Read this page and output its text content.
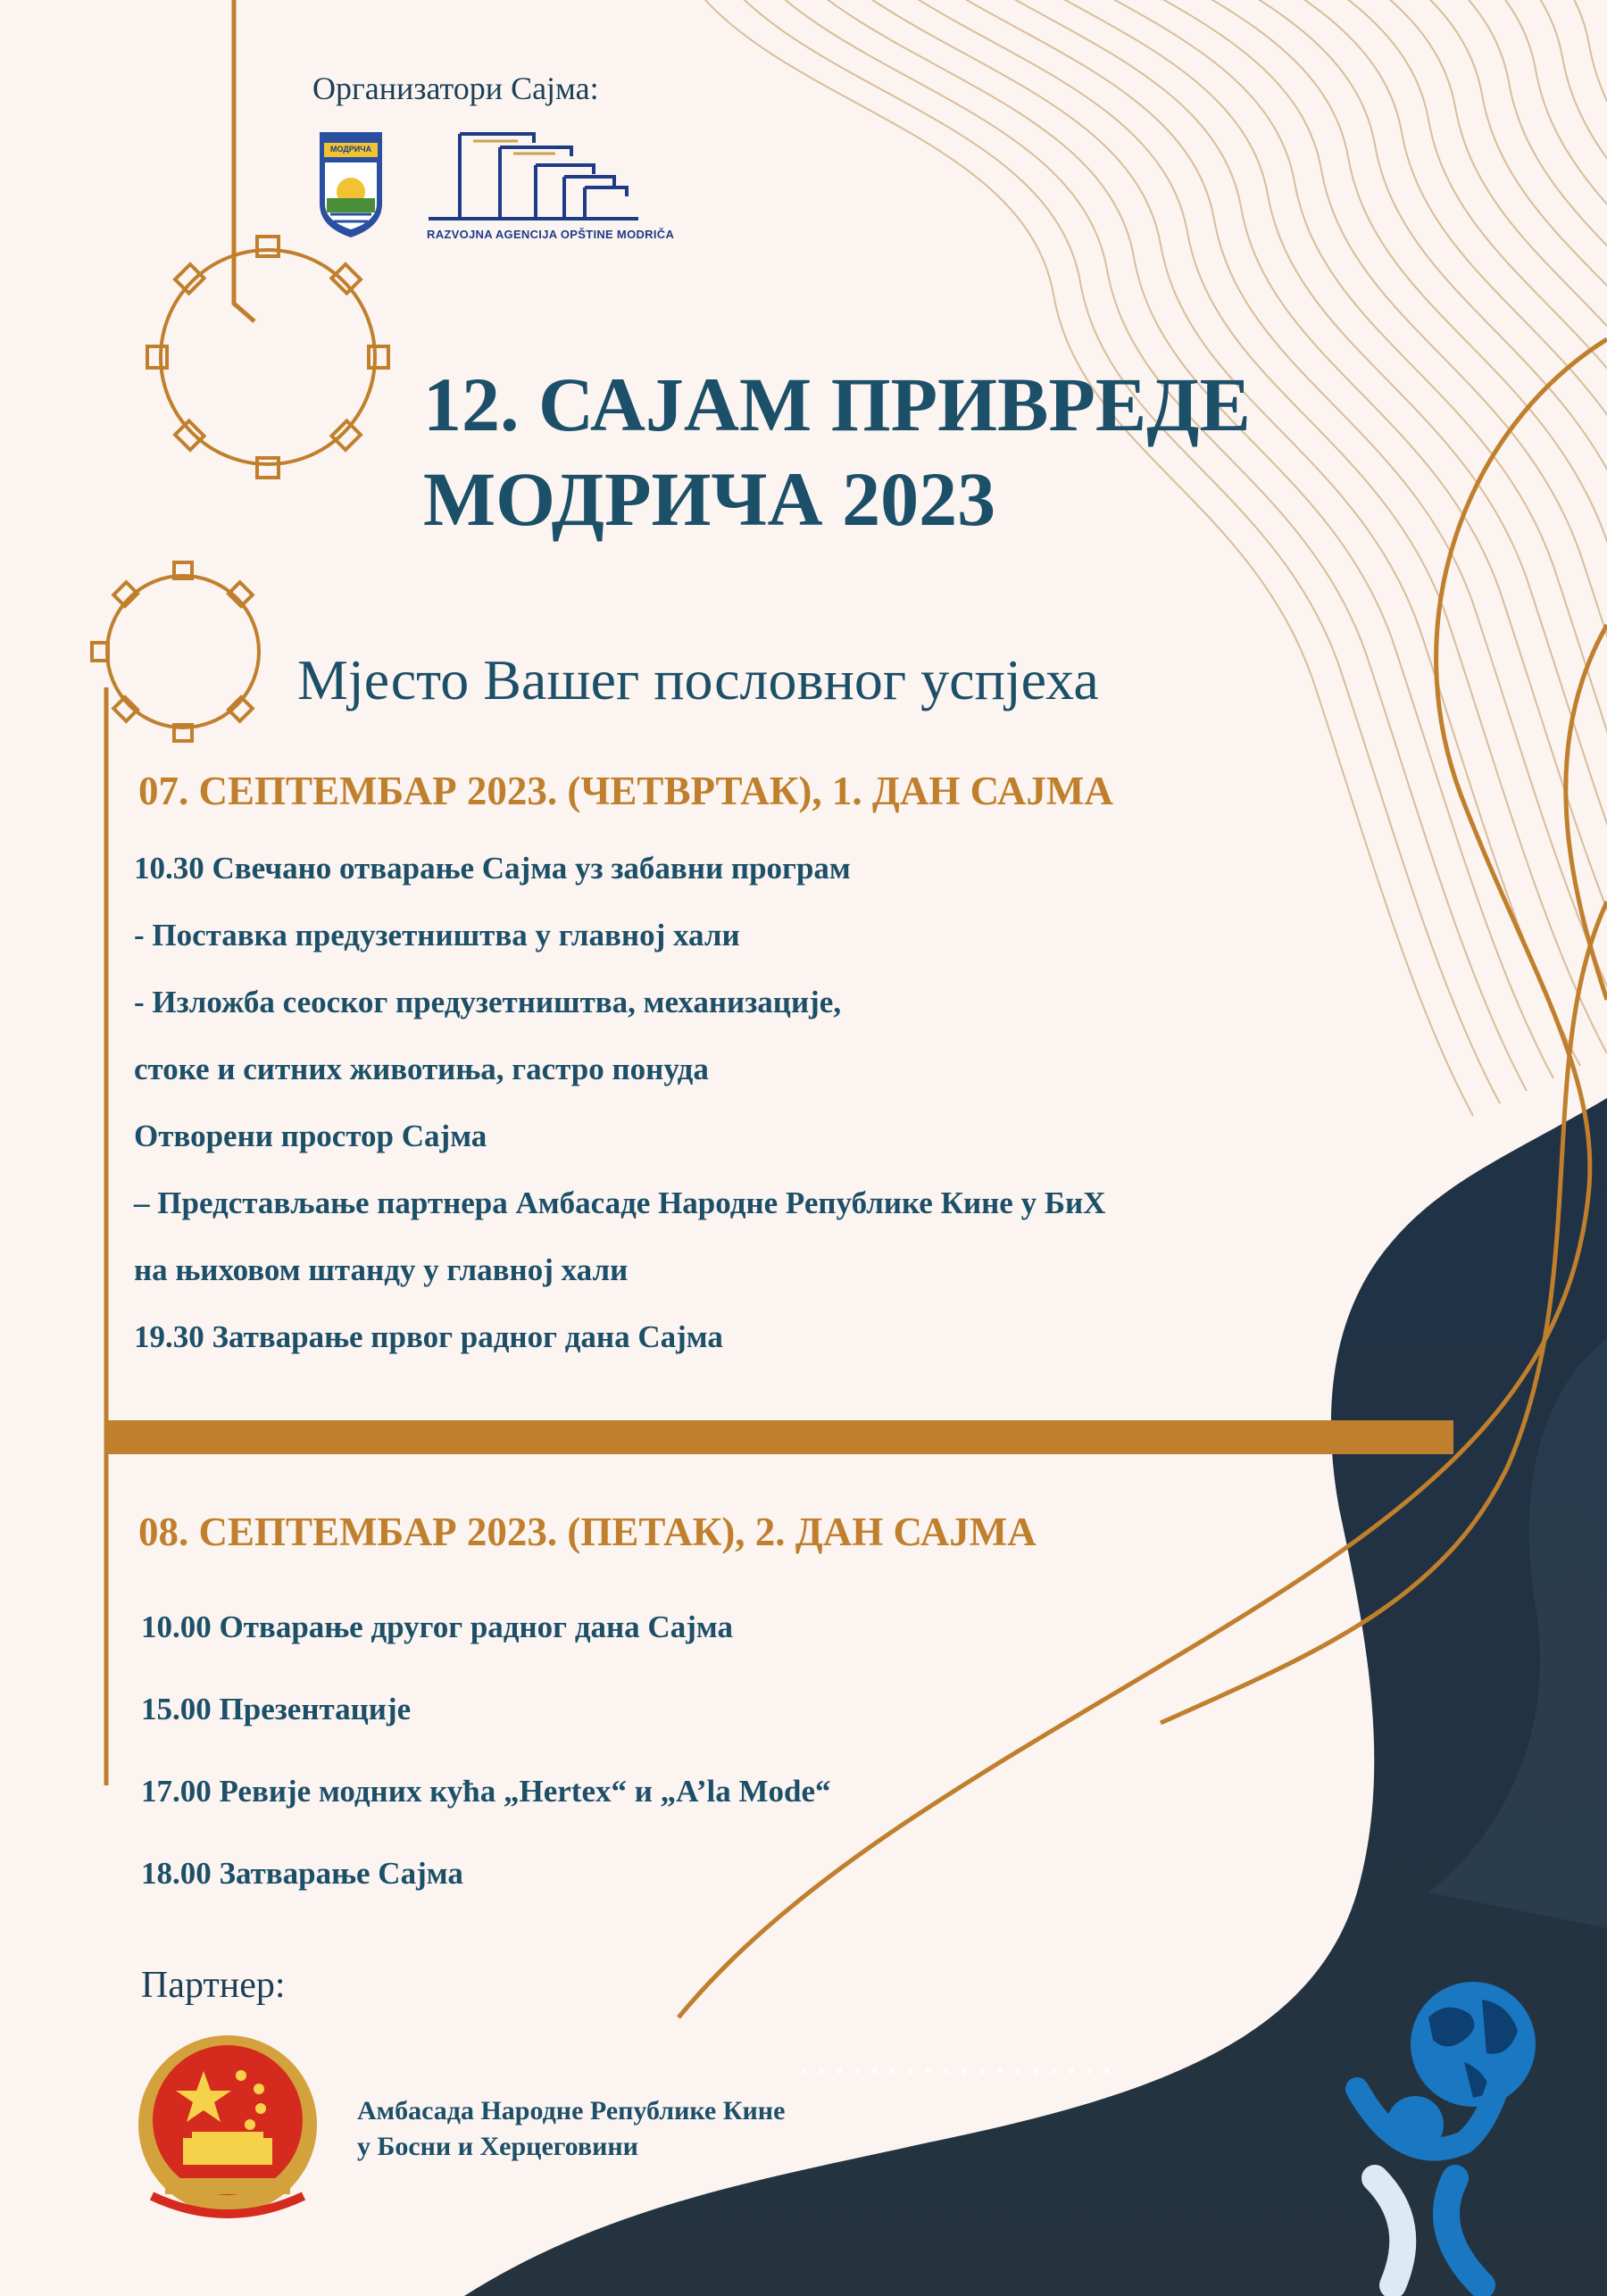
Организатори Сајма:
МОДРИЧА
RAZVOJNA AGENCIJA OPŠTINE MODRIČA
12. САЈАМ ПРИВРЕДЕ
МОДРИЧА 2023
Мјесто Вашег пословног успјеха
07. СЕПТЕМБАР 2023. (ЧЕТВРТАК), 1. ДАН САЈМА
10.30 Свечано отварање Сајма уз забавни програм
- Поставка предузетништва у главној хали
- Изложба сеоског предузетништва, механизације,
стоке и ситних животиња, гастро понуда
Отворени простор Сајма
– Представљање партнера Амбасаде Народне Републике Кине у БиХ
на њиховом штанду у главној хали
19.30 Затварање првог радног дана Сајма
08. СЕПТЕМБАР 2023. (ПЕТАК), 2. ДАН САЈМА
10.00 Отварање другог радног дана Сајма
15.00 Презентације
17.00 Ревије модних кућа „Hertex“ и „A’la Mode“
18.00 Затварање Сајма
Партнер:
Амбасада Народне Републике Кине
у Босни и Херцеговини
